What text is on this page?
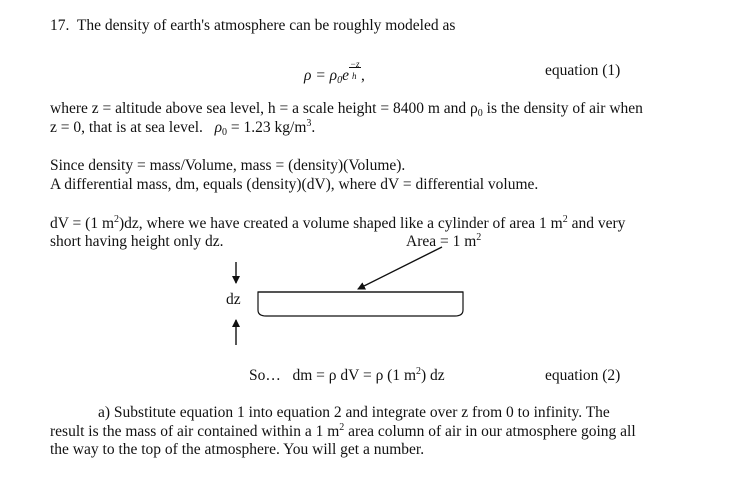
17. The density of earth's atmosphere can be roughly modeled as
$\rho = \rho_0e$
−z
h ,	equation (1)
where z = altitude above sea level, h = a scale height = 8400 m and $\rho_0$ is the density of air when
z = 0, that is at sea level. $\rho_0 = 1.23$ $kg/m^3$.
Since density = mass/Volume, mass = (density)(Volume).
A differential mass, dm, equals (density)(dV), where dV = differential volume.
dV = (1 $m^2)dz$, where we have created a volume shaped like a cylinder of area 1 $m^2$ and very
short having height only dz.	Area = 1 $m^2$
dz
So… dm = ρ dV = ρ (1 $m^2$) dz	equation (2)
a) Substitute equation 1 into equation 2 and integrate over z from 0 to infinity. The
result is the mass of air contained within a 1 $m^2$ area column of air in our atmosphere going all
the way to the top of the atmosphere. You will get a number.
